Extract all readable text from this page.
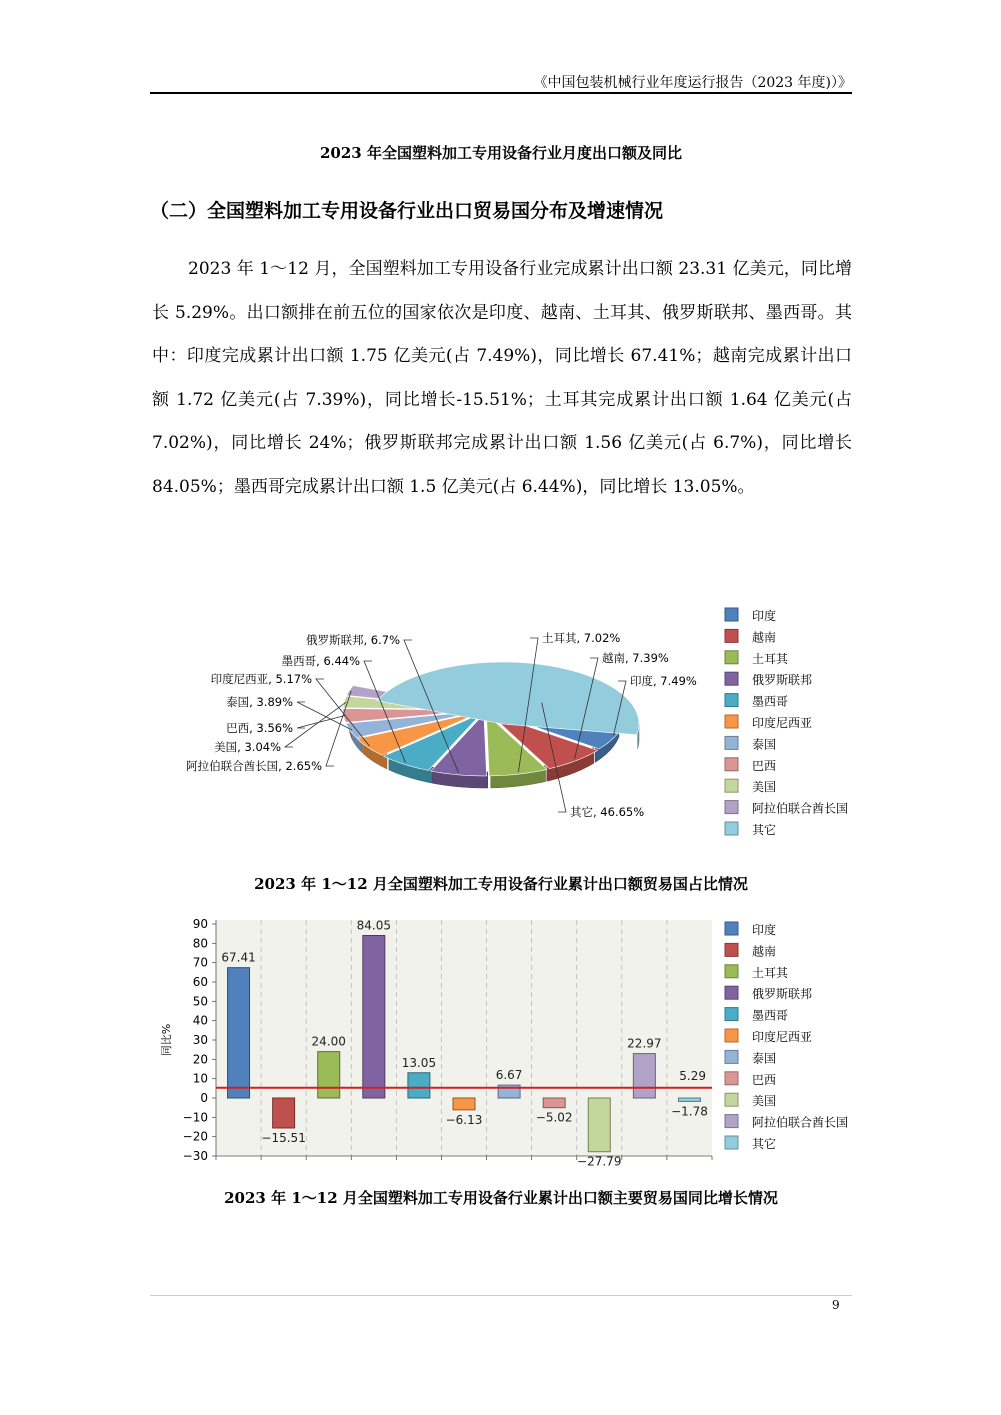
《中国包装机械行业年度运行报告（2023 年度)）》
2023 年全国塑料加工专用设备行业月度出口额及同比
（二）全国塑料加工专用设备行业出口贸易国分布及增速情况
2023 年 1～12 月，全国塑料加工专用设备行业完成累计出口额 23.31 亿美元，同比增长 5.29%。出口额排在前五位的国家依次是印度、越南、土耳其、俄罗斯联邦、墨西哥。其中：印度完成累计出口额 1.75 亿美元(占 7.49%)，同比增长 67.41%；越南完成累计出口额 1.72 亿美元(占 7.39%)，同比增长-15.51%；土耳其完成累计出口额 1.64 亿美元(占 7.02%)，同比增长 24%；俄罗斯联邦完成累计出口额 1.56 亿美元(占 6.7%)，同比增长 84.05%；墨西哥完成累计出口额 1.5 亿美元(占 6.44%)，同比增长 13.05%。
印度, 7.49%
越南, 7.39%
土耳其, 7.02%
俄罗斯联邦, 6.7%
墨西哥, 6.44%
印度尼西亚, 5.17%
泰国, 3.89%
巴西, 3.56%
美国, 3.04%
阿拉伯联合酋长国, 2.65%
其它, 46.65%
印度
越南
土耳其
俄罗斯联邦
墨西哥
印度尼西亚
泰国
巴西
美国
阿拉伯联合酋长国
其它
2023 年 1～12 月全国塑料加工专用设备行业累计出口额贸易国占比情况
−30
−20
−10
0
10
20
30
40
50
60
70
80
90
同比%
67.41
−15.51
24.00
84.05
13.05
−6.13
6.67
−5.02
−27.79
22.97
−1.78
5.29
印度
越南
土耳其
俄罗斯联邦
墨西哥
印度尼西亚
泰国
巴西
美国
阿拉伯联合酋长国
其它
2023 年 1～12 月全国塑料加工专用设备行业累计出口额主要贸易国同比增长情况
9
